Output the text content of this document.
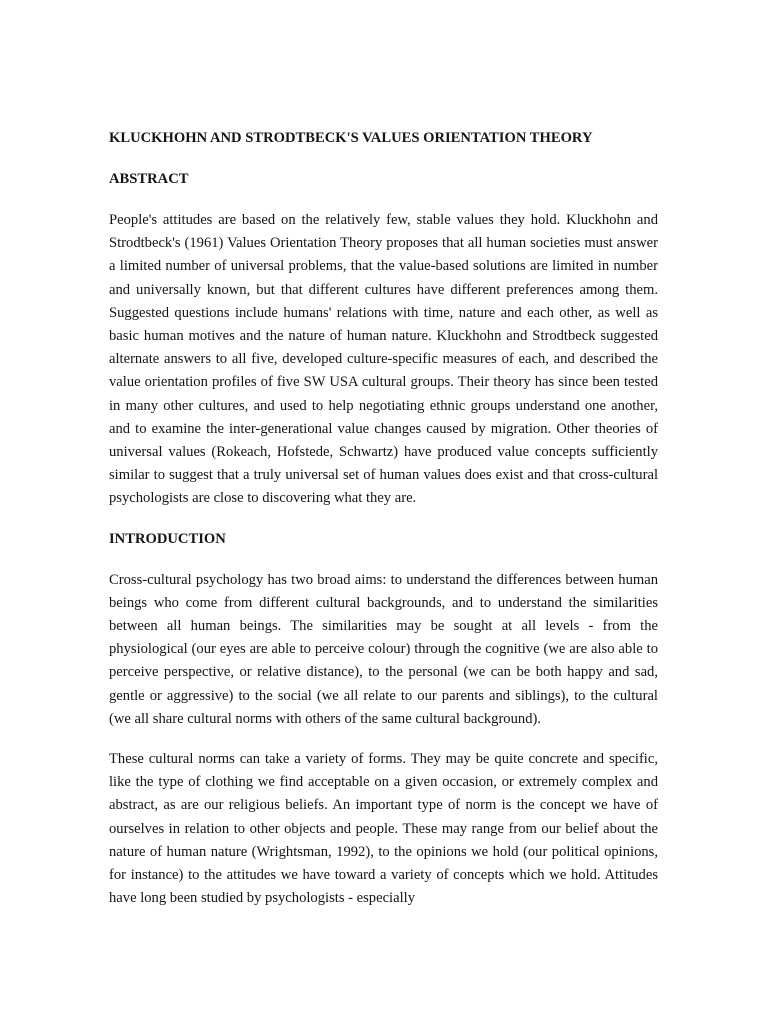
KLUCKHOHN AND STRODTBECK'S VALUES ORIENTATION THEORY
ABSTRACT

People's attitudes are based on the relatively few, stable values they hold. Kluckhohn and Strodtbeck's (1961) Values Orientation Theory proposes that all human societies must answer a limited number of universal problems, that the value-based solutions are limited in number and universally known, but that different cultures have different preferences among them. Suggested questions include humans' relations with time, nature and each other, as well as basic human motives and the nature of human nature. Kluckhohn and Strodtbeck suggested alternate answers to all five, developed culture-specific measures of each, and described the value orientation profiles of five SW USA cultural groups. Their theory has since been tested in many other cultures, and used to help negotiating ethnic groups understand one another, and to examine the inter-generational value changes caused by migration. Other theories of universal values (Rokeach, Hofstede, Schwartz) have produced value concepts sufficiently similar to suggest that a truly universal set of human values does exist and that cross-cultural psychologists are close to discovering what they are.

INTRODUCTION

Cross-cultural psychology has two broad aims: to understand the differences between human beings who come from different cultural backgrounds, and to understand the similarities between all human beings. The similarities may be sought at all levels - from the physiological (our eyes are able to perceive colour) through the cognitive (we are also able to perceive perspective, or relative distance), to the personal (we can be both happy and sad, gentle or aggressive) to the social (we all relate to our parents and siblings), to the cultural (we all share cultural norms with others of the same cultural background).

These cultural norms can take a variety of forms. They may be quite concrete and specific, like the type of clothing we find acceptable on a given occasion, or extremely complex and abstract, as are our religious beliefs. An important type of norm is the concept we have of ourselves in relation to other objects and people. These may range from our belief about the nature of human nature (Wrightsman, 1992), to the opinions we hold (our political opinions, for instance) to the attitudes we have toward a variety of concepts which we hold. Attitudes have long been studied by psychologists - especially
